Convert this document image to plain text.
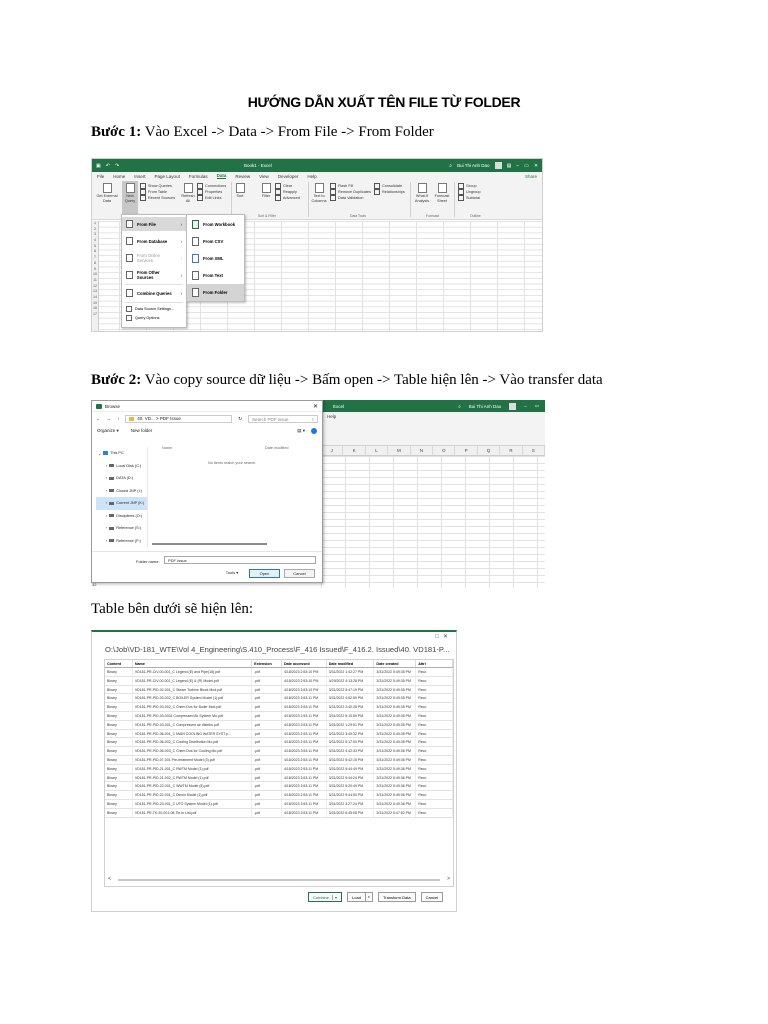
HƯỚNG DẪN XUẤT TÊN FILE TỪ FOLDER
Bước 1: Vào Excel -> Data -> From File -> From Folder
▣ ↶ ↷	Book1 - Excel	⌕ Bui Thi Anh Dao	▤ – ▭ ✕
File Home Insert Page Layout Formulas Data Review View Developer Help	Share
Get External Data
New Query
Show Queries
From Table
Recent Sources	Refresh All
Connections
Properties
Edit Links	Sort	Filter
Clear
Reapply
Advanced
Sort & Filter
Text to Columns
Flash Fill
Remove Duplicates
Data Validation
Consolidate
Relationships
Data Tools
What-If Analysis
Forecast Sheet
Forecast
Group
Ungroup
Subtotal
Outline
1
2
3
4
5
6
7
8
9
10
11
12
13
14
15
16
17
From File	›
From Database	›
From Online Services	›
From Other Sources	›
Combine Queries ›
Data Source Settings...
Query Options
From Workbook
From CSV
From XML
From Text
From Folder
Bước 2: Vào copy source dữ liệu -> Bấm open -> Table hiện lên -> Vào transfer data
Excel	⌕ Bui Thi Anh Dao	– ▭
Help
J	K	L	M	N	O	P	Q	R	S
Browse	✕
← → ↑	40. VD... > PDF Issue	↻ Search PDF Issue	⌕
Organize ▾	New folder	▤ ▾
⌄ This PC
› Local Disk (C:)
› DATA (D:)
› Closed JNP (I:)
› Current JNP (K:)
› Disciplines (O:)
› Reference (S:)
› Reference (P:)
Name	Date modified
No items match your search.
Folder name:	PDF Issue
Tools ▾	Open	Cancel
32
Table bên dưới sẽ hiện lên:
□✕
O:\Job\VD-181_WTE\Vol 4_Engineering\S.410_Process\F_416 Issued\F_416.2. Issued\40. VD181-P...
Content	Name	Extension	Date accessed	Date modified	Date created	Attri
Binary	VD181-PR-CIV-00-001_C Legend (E) and Pipe(18).pdf	.pdf	4/18/2023 2:53:10 PM	3/31/2022 1:42:27 PM	3/31/2022 5:49:35 PM	Reco
Binary	VD181-PR-CIV-00-001_C Legend (E) & (R) Model.pdf	.pdf	4/18/2023 2:53:10 PM	4/29/2022 4:13:28 PM	3/31/2022 5:49:35 PM	Reco
Binary	VD181-PR-PID-02-001_C Steam Turbine Block Mod.pdf	.pdf	4/18/2023 3:53:10 PM	3/31/2022 5:47:19 PM	3/31/2022 5:49:35 PM	Reco
Binary	VD181-PR-PID-03-002_C BOILER System Model (1).pdf	.pdf	4/18/2023 3:53:11 PM	3/31/2022 4:52:59 PM	3/31/2022 5:49:35 PM	Reco
Binary	VD181-PR-PID-03-002_C Chem Dos for Boiler Mod.pdf	.pdf	4/18/2023 3:53:11 PM	3/31/2022 2:40:28 PM	3/31/2022 5:49:35 PM	Reco
Binary	VD181-PR-PID-03-0031 Compressed Air System Mo.pdf	.pdf	4/18/2023 2:53:11 PM	3/31/2022 5:10:59 PM	3/31/2022 5:49:35 PM	Reco
Binary	VD181-PR-PID-03-001_C Compressed air distribu.pdf	.pdf	4/18/2023 3:53:11 PM	3/31/2022 1:29:51 PM	3/31/2022 5:49:35 PM	Reco
Binary	VD181-PR-PID-06-001_C MAIN COOLING WATER SYST.p...	.pdf	4/18/2023 2:53:11 PM	3/31/2022 3:49:32 PM	3/31/2022 5:49:35 PM	Reco
Binary	VD181-PR-PID-06-002_C Cooling Distribution Mo.pdf	.pdf	4/18/2023 2:53:11 PM	3/31/2022 5:17:00 PM	3/31/2022 5:49:35 PM	Reco
Binary	VD181-PR-PID-06-003_C Chem Dos for Cooling Mo.pdf	.pdf	4/18/2023 3:53:11 PM	3/31/2022 4:42:33 PM	3/31/2022 5:49:36 PM	Reco
Binary	VD181-PR-PID-07-001 Pre-treatment Model (3).pdf	.pdf	4/18/2023 2:53:11 PM	3/31/2022 5:42:15 PM	3/31/2022 5:49:36 PM	Reco
Binary	VD181-PR-PID-21-001_C RWTM Model (1).pdf	.pdf	4/18/2023 2:53:11 PM	3/31/2022 5:44:49 PM	3/31/2022 5:49:36 PM	Reco
Binary	VD181-PR-PID-21-002_C RWTM Model (1).pdf	.pdf	4/18/2023 3:53:11 PM	3/31/2022 5:44:24 PM	3/31/2022 5:49:36 PM	Reco
Binary	VD181-PR-PID-22-001_C WWTM Model (5).pdf	.pdf	4/18/2023 3:53:11 PM	3/31/2022 5:20:49 PM	3/31/2022 5:49:36 PM	Reco
Binary	VD181-PR-PID-22-001_C Dioxin Model (1).pdf	.pdf	4/18/2023 2:53:11 PM	3/31/2022 5:44:50 PM	3/31/2022 5:49:36 PM	Reco
Binary	VD181-PR-PID-23-001_C UTO System Model (1).pdf	.pdf	4/18/2023 3:53:11 PM	3/31/2022 3:27:24 PM	3/31/2022 5:49:36 PM	Reco
Binary	VD181-PR-TK-30-001-08-Tie-in List.pdf	.pdf	4/18/2023 3:53:11 PM	3/31/2022 6:45:08 PM	3/31/2022 5:47:52 PM	Reco
<	>
Combine ▾	Load	▾	Transform Data	Cancel
